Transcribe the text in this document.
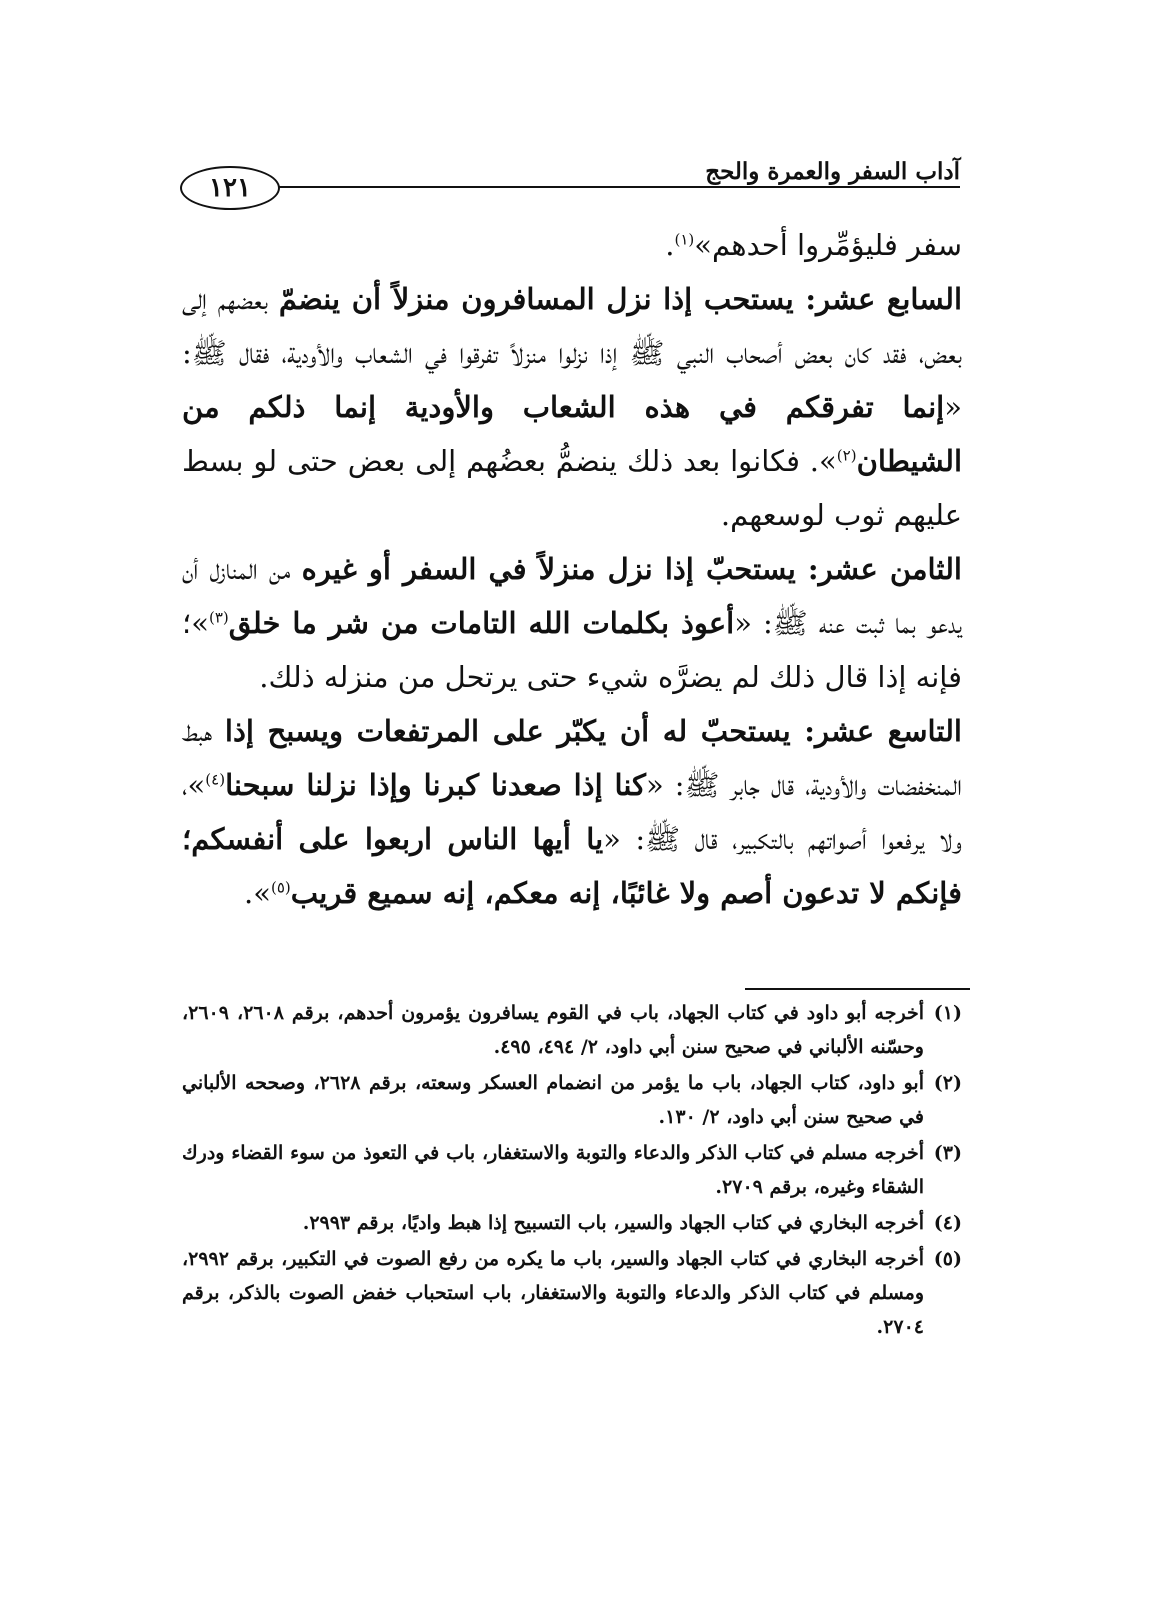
آداب السفر والعمرة والحج
١٢١

سفر فليؤمِّروا أحدهم»$^{(١)}$.

السابع عشر: يستحب إذا نزل المسافرون منزلاً أن ينضمّ بعضهم إلى بعض، فقد كان بعض أصحاب النبي ﷺ إذا نزلوا منزلاً تفرقوا في الشعاب والأودية، فقال ﷺ: «إنما تفرقكم في هذه الشعاب والأودية إنما ذلكم من الشيطان$^{(٢)}$». فكانوا بعد ذلك ينضمُّ بعضُهم إلى بعض حتى لو بسط عليهم ثوب لوسعهم.

الثامن عشر: يستحبّ إذا نزل منزلاً في السفر أو غيره من المنازل أن يدعو بما ثبت عنه ﷺ: «أعوذ بكلمات الله التامات من شر ما خلق$^{(٣)}$»؛ فإنه إذا قال ذلك لم يضرَّه شيء حتى يرتحل من منزله ذلك.

التاسع عشر: يستحبّ له أن يكبّر على المرتفعات ويسبح إذا هبط المنخفضات والأودية، قال جابر ﷺ: «كنا إذا صعدنا كبرنا وإذا نزلنا سبحنا$^{(٤)}$»، ولا يرفعوا أصواتهم بالتكبير، قال ﷺ: «يا أيها الناس اربعوا على أنفسكم؛ فإنكم لا تدعون أصم ولا غائبًا، إنه معكم، إنه سميع قريب$^{(٥)}$».

(١)أخرجه أبو داود في كتاب الجهاد، باب في القوم يسافرون يؤمرون أحدهم، برقم ٢٦٠٨، ٢٦٠٩، وحسّنه الألباني في صحيح سنن أبي داود، ٢/ ٤٩٤، ٤٩٥.

(٢)أبو داود، كتاب الجهاد، باب ما يؤمر من انضمام العسكر وسعته، برقم ٢٦٢٨، وصححه الألباني في صحيح سنن أبي داود، ٢/ ١٣٠.

(٣)أخرجه مسلم في كتاب الذكر والدعاء والتوبة والاستغفار، باب في التعوذ من سوء القضاء ودرك الشقاء وغيره، برقم ٢٧٠٩.

(٤)أخرجه البخاري في كتاب الجهاد والسير، باب التسبيح إذا هبط واديًا، برقم ٢٩٩٣.

(٥)أخرجه البخاري في كتاب الجهاد والسير، باب ما يكره من رفع الصوت في التكبير، برقم ٢٩٩٢، ومسلم في كتاب الذكر والدعاء والتوبة والاستغفار، باب استحباب خفض الصوت بالذكر، برقم ٢٧٠٤.
